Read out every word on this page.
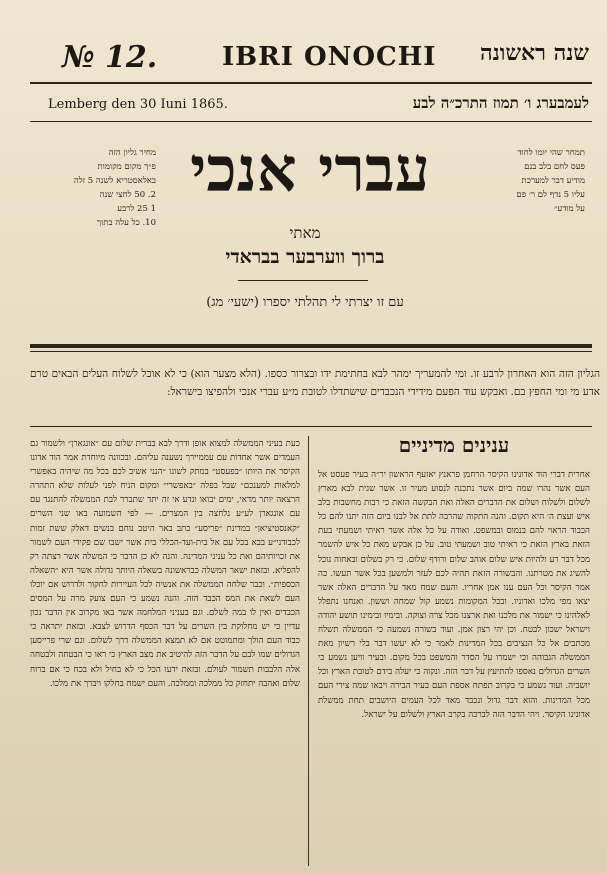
№ 12. IBRI ONOCHI שנה ראשונה
Lemberg den 30 Iuni 1865.	לעמבערג ו׳ תמוז התרכ״ה לבע
מחיר גליון הזה
פ״ך מקום מקומות
באלאסטריא לשנה 5 זלה
2. 50 לחצי שנה
1 25 לרבע
10. כל עלה בתוך
עברי אנכי	תמחר שהי יומו לחוד
פעס לחם בלב בנם
מודיע דבר למערכת
עליו 5 נדף לם ר׳ פם
על מודע״
מאתי
ברוך ווערבער בבראדי
עם זו יצרתי לי תהלתי יספרו (ישעי׳ מג)
הגליון הזה הוא האחרון לרבע זו. ומי להמעריך ימהר לבא בחתימת ידו ובצרור כספו. (הלא מצער הוא) כי לא אוכל לשלוח העלים הבאים טרם אדע מי ומי החפץ בם. ואבקש עוד הפעם מידידי הנכבדים שישתדלו לטובת מ״ע עברי אנכי ולהפיצו בישראל:
ענינים מדיניים
אחרית דברי הוד אדונינו הקיסר הרחמן פראנץ יאזעף הראשון יר״ה בעיר פעסט אל העם אשר נהרו שמה ביום אשר נתכנה לנסוע מעיר זו. אשר שגית לבא מארץ לשלום ולשלוח ושלום את הדברים האלה ואת הבקשה הזאת כי רבות מחשבות בלב איש ועצת ה׳ היא תקום. והנה התקוה שהרבה לתת אל לבנו ביום הזה יתנו להם כל הכבוד הראוי להם בנמוס ובמשפט. ואודה על כל אלה אשר ראיתי ושמעתי בעת הזאת בארץ הזאת כי ראיתי טוב ושמעתי טוב. על כן אבקש מאת כל איש להשמר מכל דבר רע ולהיות איש שלום אוהב שלום ורודף שלום. כי רק בשלום ובאחוה נוכל להשיג את מטרתנו. והבשורה הזאת תהיה לכם לעזר ולמשען בכל אשר תעשו. כה אמר הקיסר וכל העם ענו אמן אחריו. והעם שמח מאד על הדברים האלה אשר יצאו מפי מלכו ואדוניו. ובכל המקומות נשמע קול שמחה וששון. ואנחנו נתפלל לאלהינו כי ישמור את מלכנו ואת ארצנו מכל צרה וצוקה. ובימיו ובימינו תושע יהודה וישראל ישכון לבטח. וכן יהי רצון אמן. ועוד בשורה נשמעה כי הממשלה תשלח מכתבים אל כל הנציבים בכל המדינות לאמר כי לא יעשו דבר בלי רשיון מאת הממשלה הגבוהה וכי ישמרו על הסדר והמשפט בכל מקום. ובעיר וויען נשמע כי השרים הגדולים נאספו להתיעץ על דבר הזה. ונקוה כי יעלה בידם לטובת הארץ וכל יושביה. ועוד נשמע כי בקרוב תפתח אספת העם בעיר הבירה ויבאו שמה צירי העם מכל המדינות. והוא דבר גדול ונכבד מאד לכל העמים היושבים תחת ממשלת אדונינו הקיסר. ויהי הדבר הזה לברכה בקרב הארץ ולשלום על ישראל.
כעת בעיני הממשלה למצוא אופן ודרך לבא בברית שלום עם ״אונגארן״ ולשמור גם העמדים אשר אחדות עם עממיירך נשענה עליהם. ובכוונה מיוחדת אמר הוד אדונו הקיסר את היותו ״בפעסט״ במתק לשונו ״הנני אשיב לכם בכל מה שיהיה באפשרי למלאות למענכם״ שבל בפלה ״באפשרי״ ומקום הניח לפני לעלות שלא התהרה הרצאה יותר מדאי, ימים יבואו ונדע אי זה יתד שתברר לבת הממשלה להתנגד עם עם אונגארן לע״ע נלחצה בין המצרים. — לפי השמועה באו שני השרים ״קאנסטיציאן״ במדינת ״פריסע״ כתב באר היטב נוחם בנשים דאלק ששת זמות לכבודני״ע בבא בכל עם אל בית-ועד-הכללי בית אשר ישבו שם פקידי העם לשמור את זכויותיהם ואת כל עניני המדינה. והנה לא כן הדבר כי המשלה אשר רצתה רק להפליא. ובזאת ישאר המשלה כבראשונה בשאלה היותר גדולה אשר היא ״השאלה הכספית״. וכבר שלחה הממשלה את אנשיה לכל העיירות לחקור ולדרוש אם יוכלו העם לשאת את המס הכבד הזה. והנה נשמע כי העם צועק מרה על המסים הכבדים ואין לו במה לשלם. וגם בעניני המלחמה אשר באו מקרוב אין הדבר נכון עדיין כי יש מחלוקת בין השרים על דבר הכסף הדרוש לצבא. ובזאת יתראה כי כבוד העם הולך ומתמוטט אם לא תמצא הממשלה דרך לשלום. וגם שרי פרייסען הגדולים שמו לבם על הדבר הזה להיטיב את מצב הארץ כי ראו כי הבטחה ולבטחה אלה הלבבות תשמור לעולם. ובזאת ידעו הכל כי לא בחיל ולא בכח כי אם ברוח שלום ואהבה יתחזק כל ממלכה וממלכה. והעם ישמח בחלקו ויברך את מלכו.
